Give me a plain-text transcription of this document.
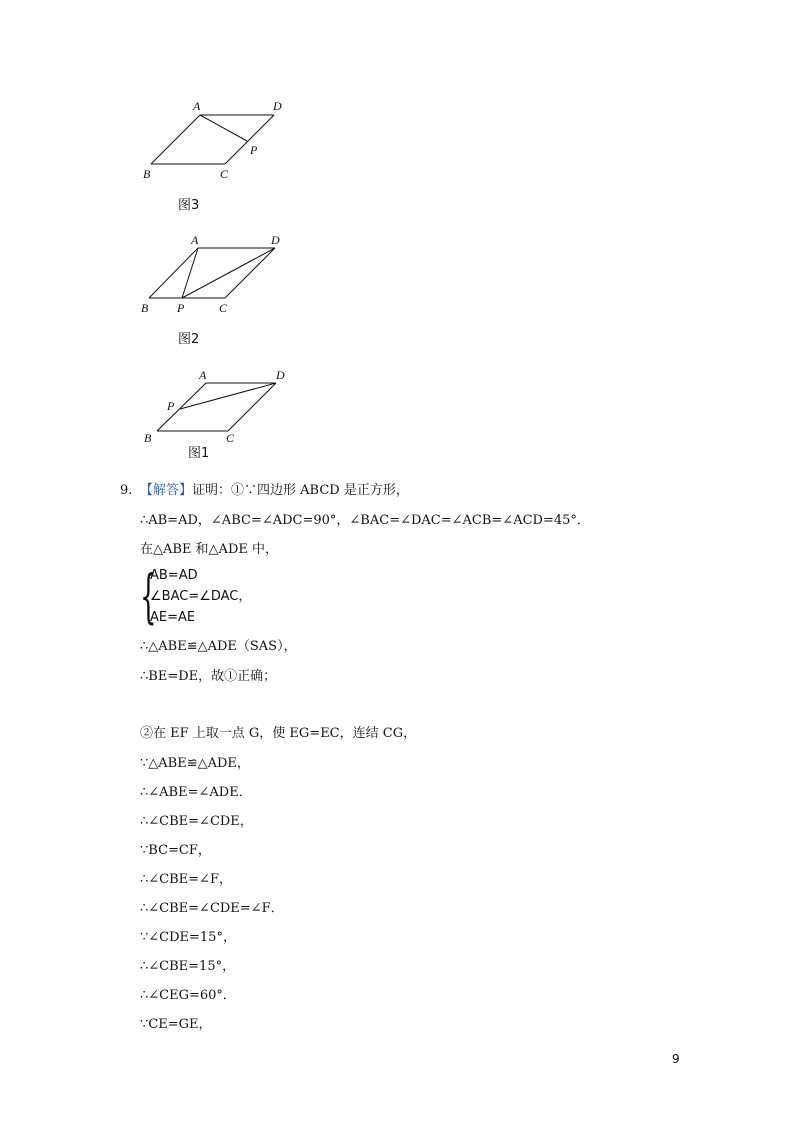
A	D
P
B	C
图3
A	D
B P	C
图2
A	D
P
B	C
图1
9. 【解答】证明：①∵四边形 ABCD 是正方形，
∴AB=AD，∠ABC=∠ADC=90°，∠BAC=∠DAC=∠ACB=∠ACD=45°．
在△ABE 和△ADE 中，
{
AB=AD
∠BAC=∠DAC，
AE=AE
∴△ABE≌△ADE（SAS），
∴BE=DE，故①正确；
②在 EF 上取一点 G，使 EG=EC，连结 CG，
∵△ABE≌△ADE，
∴∠ABE=∠ADE．
∴∠CBE=∠CDE，
∵BC=CF，
∴∠CBE=∠F，
∴∠CBE=∠CDE=∠F．
∵∠CDE=15°，
∴∠CBE=15°，
∴∠CEG=60°．
∵CE=GE，
9
